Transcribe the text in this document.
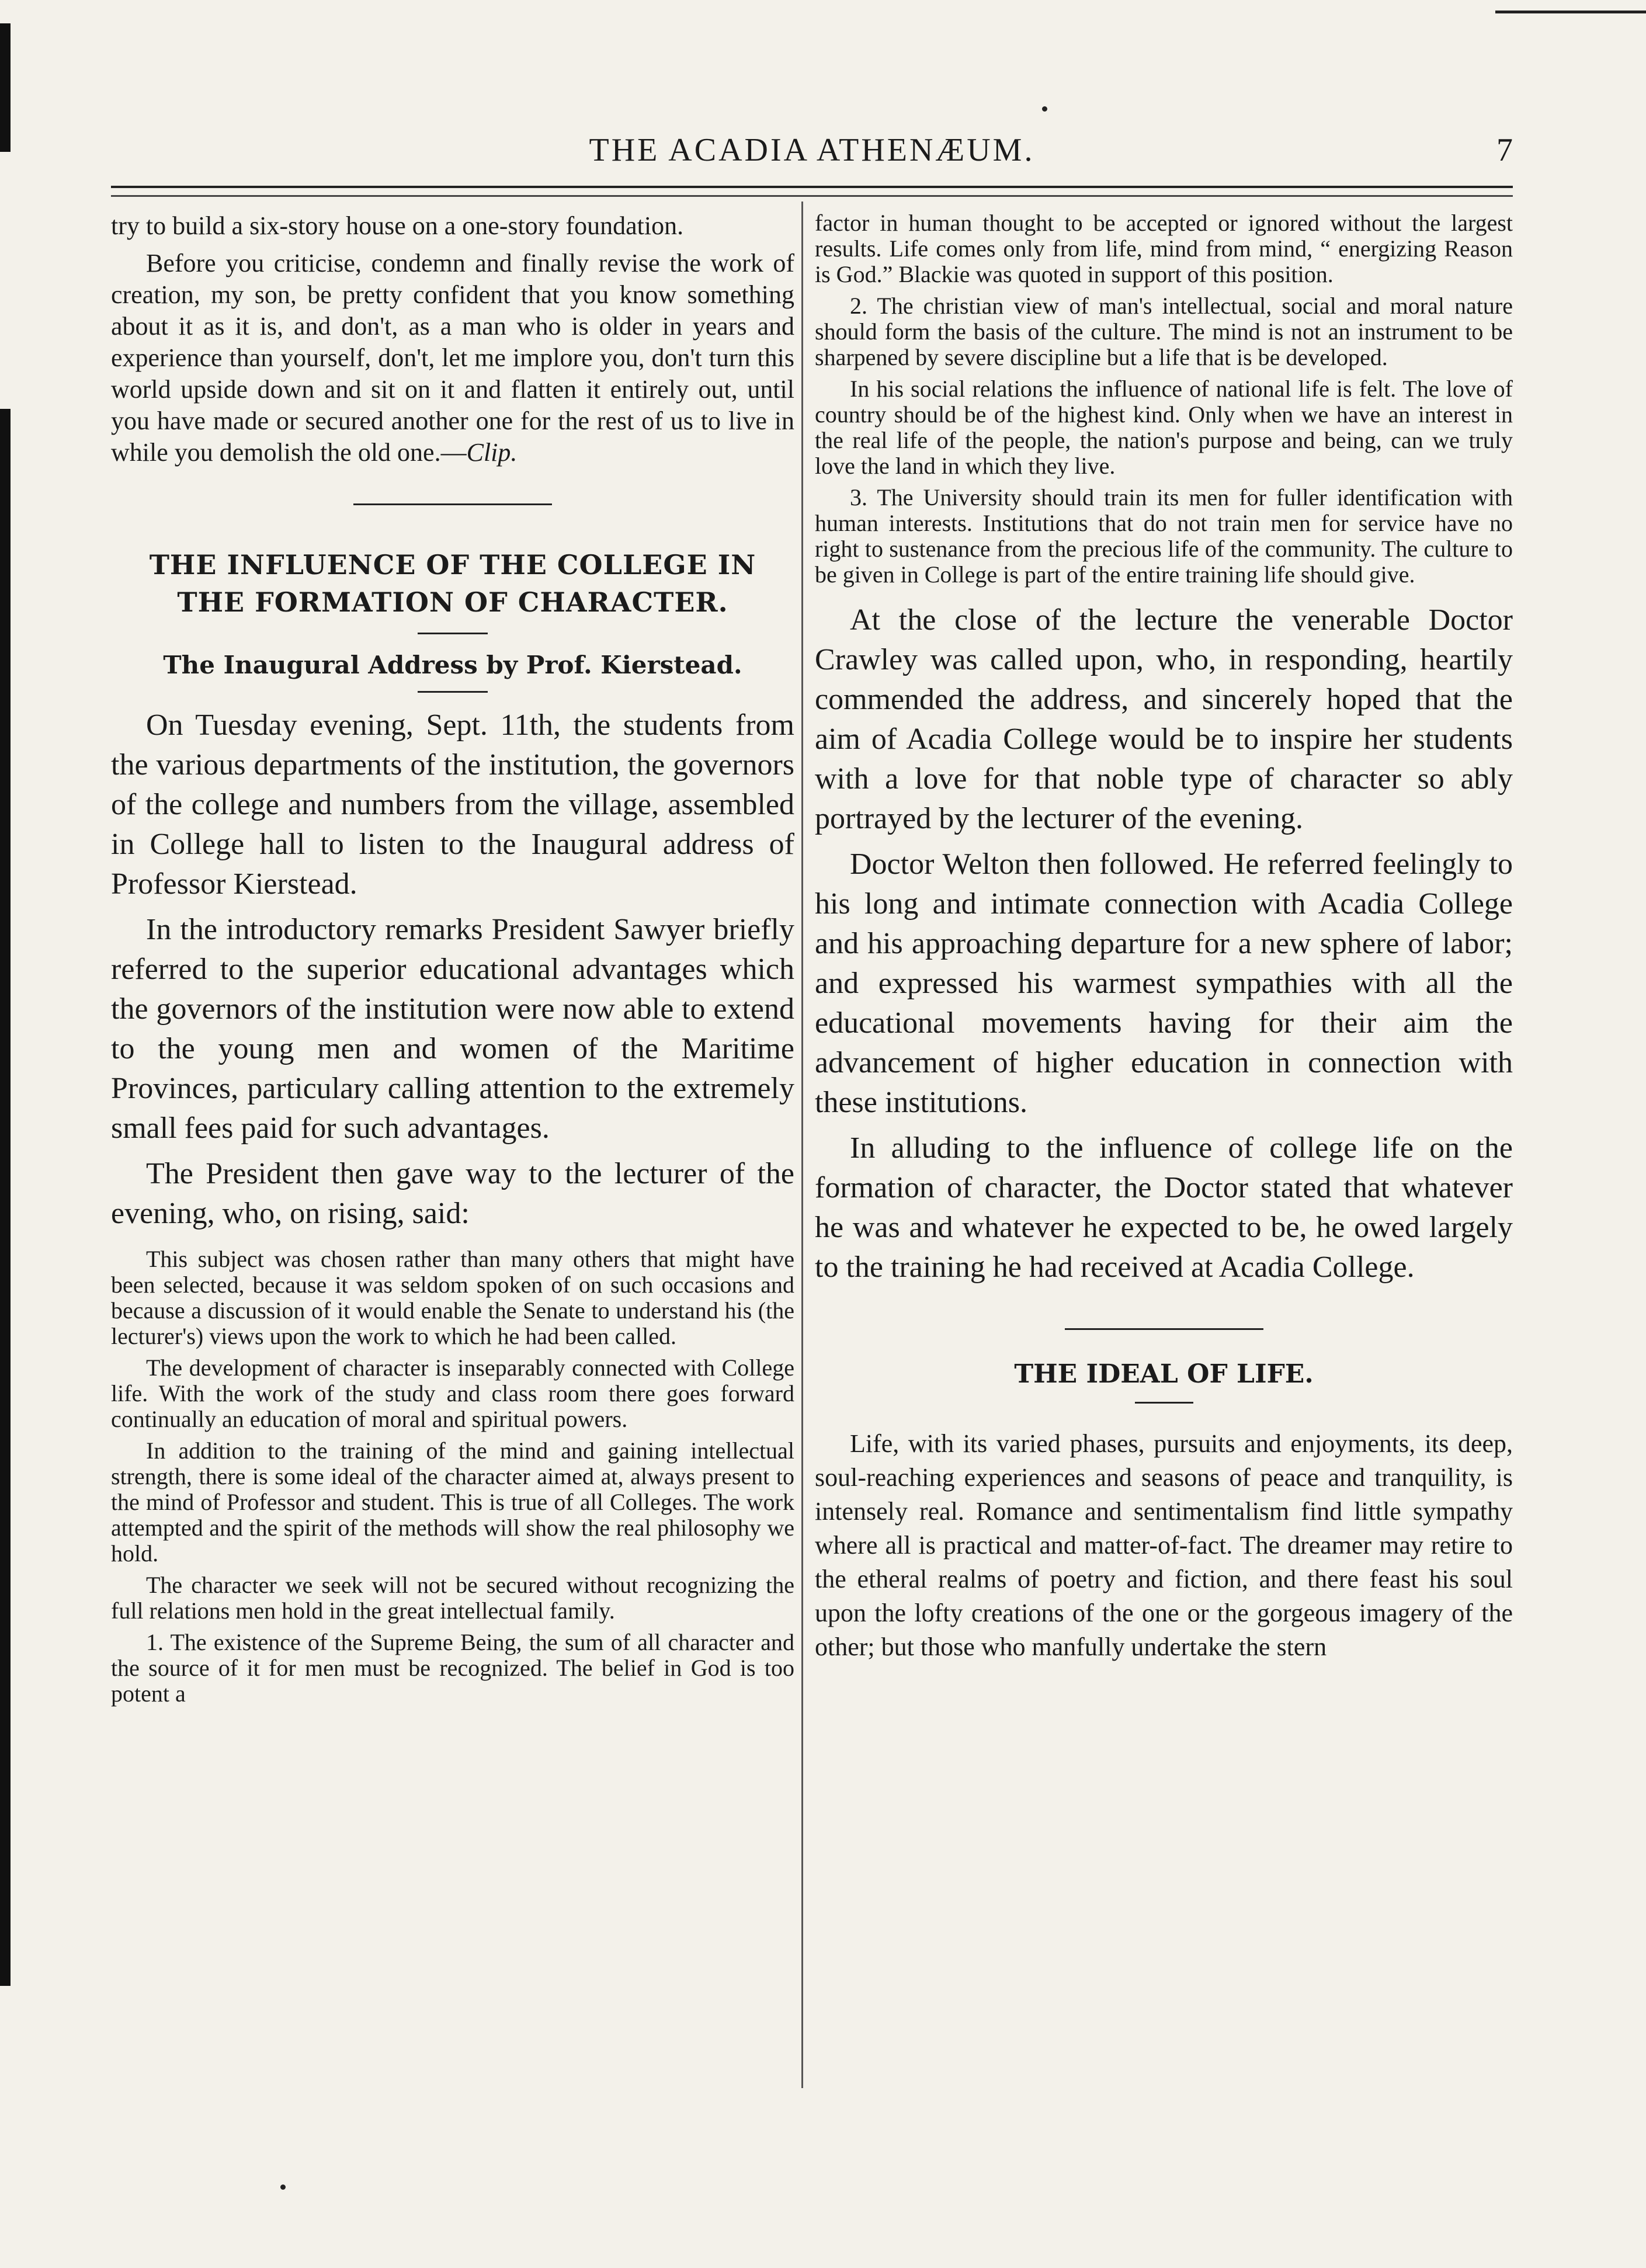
THE ACADIA ATHENÆUM.	7

try to build a six-story house on a one-story foundation.

Before you criticise, condemn and finally revise the work of creation, my son, be pretty confident that you know something about it as it is, and don't, as a man who is older in years and experience than yourself, don't, let me implore you, don't turn this world upside down and sit on it and flatten it entirely out, until you have made or secured another one for the rest of us to live in while you demolish the old one.—Clip.

THE INFLUENCE OF THE COLLEGE IN THE FORMATION OF CHARACTER.
The Inaugural Address by Prof. Kierstead.

On Tuesday evening, Sept. 11th, the students from the various departments of the institution, the governors of the college and numbers from the village, assembled in College hall to listen to the Inaugural address of Professor Kierstead.

In the introductory remarks President Sawyer briefly referred to the superior educational advantages which the governors of the institution were now able to extend to the young men and women of the Maritime Provinces, particulary calling attention to the extremely small fees paid for such advantages.

The President then gave way to the lecturer of the evening, who, on rising, said:

This subject was chosen rather than many others that might have been selected, because it was seldom spoken of on such occasions and because a discussion of it would enable the Senate to understand his (the lecturer's) views upon the work to which he had been called.

The development of character is inseparably connected with College life. With the work of the study and class room there goes forward continually an education of moral and spiritual powers.

In addition to the training of the mind and gaining intellectual strength, there is some ideal of the character aimed at, always present to the mind of Professor and student. This is true of all Colleges. The work attempted and the spirit of the methods will show the real philosophy we hold.

The character we seek will not be secured without recognizing the full relations men hold in the great intellectual family.

1. The existence of the Supreme Being, the sum of all character and the source of it for men must be recognized. The belief in God is too potent a

factor in human thought to be accepted or ignored without the largest results. Life comes only from life, mind from mind, “ energizing Reason is God.” Blackie was quoted in support of this position.

2. The christian view of man's intellectual, social and moral nature should form the basis of the culture. The mind is not an instrument to be sharpened by severe discipline but a life that is be developed.

In his social relations the influence of national life is felt. The love of country should be of the highest kind. Only when we have an interest in the real life of the people, the nation's purpose and being, can we truly love the land in which they live.

3. The University should train its men for fuller identification with human interests. Institutions that do not train men for service have no right to sustenance from the precious life of the community. The culture to be given in College is part of the entire training life should give.

At the close of the lecture the venerable Doctor Crawley was called upon, who, in responding, heartily commended the address, and sincerely hoped that the aim of Acadia College would be to inspire her students with a love for that noble type of character so ably portrayed by the lecturer of the evening.

Doctor Welton then followed. He referred feelingly to his long and intimate connection with Acadia College and his approaching departure for a new sphere of labor; and expressed his warmest sympathies with all the educational movements having for their aim the advancement of higher education in connection with these institutions.

In alluding to the influence of college life on the formation of character, the Doctor stated that whatever he was and whatever he expected to be, he owed largely to the training he had received at Acadia College.

THE IDEAL OF LIFE.

Life, with its varied phases, pursuits and enjoyments, its deep, soul-reaching experiences and seasons of peace and tranquility, is intensely real. Romance and sentimentalism find little sympathy where all is practical and matter-of-fact. The dreamer may retire to the etheral realms of poetry and fiction, and there feast his soul upon the lofty creations of the one or the gorgeous imagery of the other; but those who manfully undertake the stern
